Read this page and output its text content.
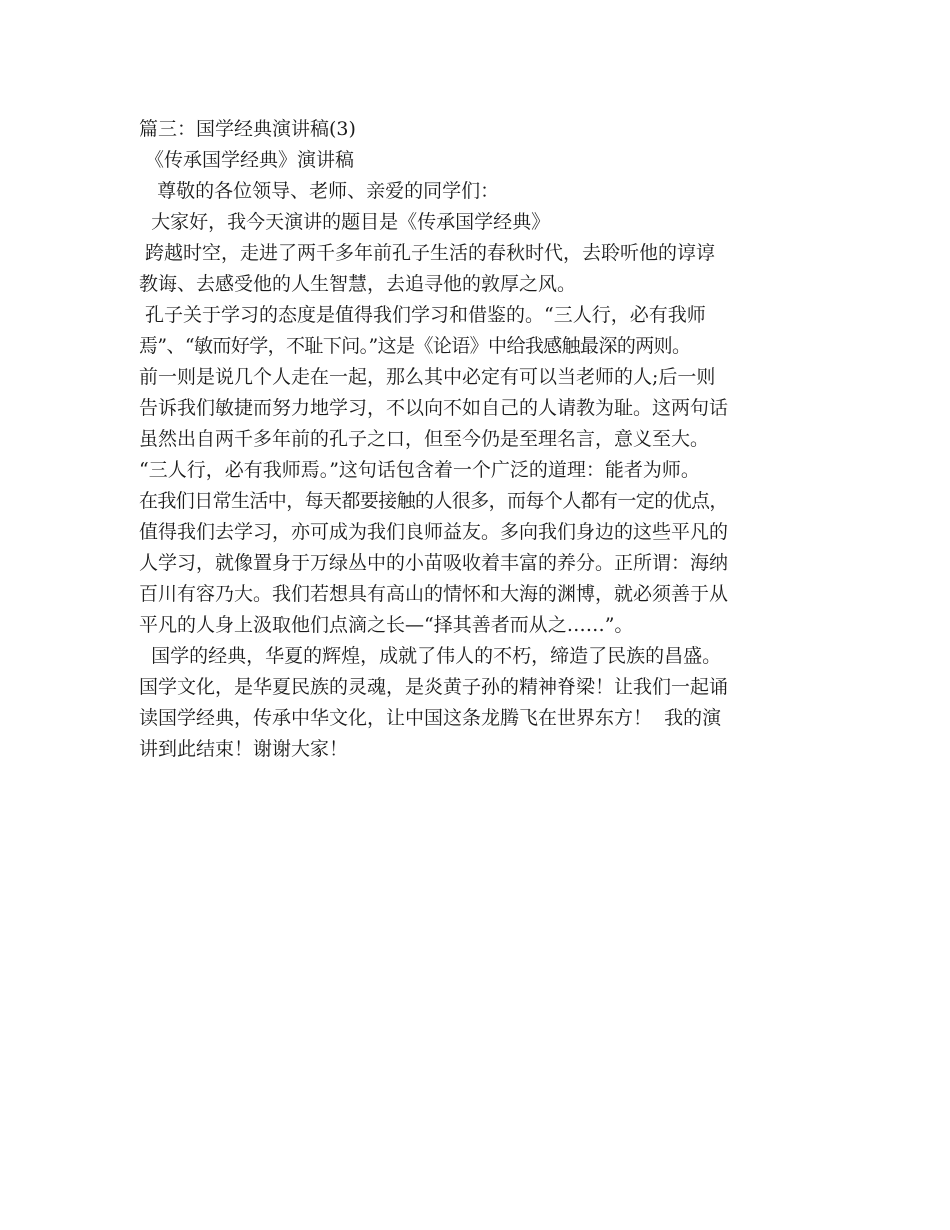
篇三：国学经典演讲稿(3)
《传承国学经典》演讲稿
尊敬的各位领导、老师、亲爱的同学们：
大家好，我今天演讲的题目是《传承国学经典》
跨越时空，走进了两千多年前孔子生活的春秋时代，去聆听他的谆谆
教诲、去感受他的人生智慧，去追寻他的敦厚之风。
孔子关于学习的态度是值得我们学习和借鉴的。“三人行，必有我师
焉”、“敏而好学，不耻下问。”这是《论语》中给我感触最深的两则。
前一则是说几个人走在一起，那么其中必定有可以当老师的人;后一则
告诉我们敏捷而努力地学习，不以向不如自己的人请教为耻。这两句话
虽然出自两千多年前的孔子之口，但至今仍是至理名言，意义至大。
“三人行，必有我师焉。”这句话包含着一个广泛的道理：能者为师。
在我们日常生活中，每天都要接触的人很多，而每个人都有一定的优点，
值得我们去学习，亦可成为我们良师益友。多向我们身边的这些平凡的
人学习，就像置身于万绿丛中的小苗吸收着丰富的养分。正所谓：海纳
百川有容乃大。我们若想具有高山的情怀和大海的渊博，就必须善于从
平凡的人身上汲取他们点滴之长—“择其善者而从之……”。
国学的经典，华夏的辉煌，成就了伟人的不朽，缔造了民族的昌盛。
国学文化，是华夏民族的灵魂，是炎黄子孙的精神脊梁！让我们一起诵
读国学经典，传承中华文化，让中国这条龙腾飞在世界东方！  我的演
讲到此结束！谢谢大家！
